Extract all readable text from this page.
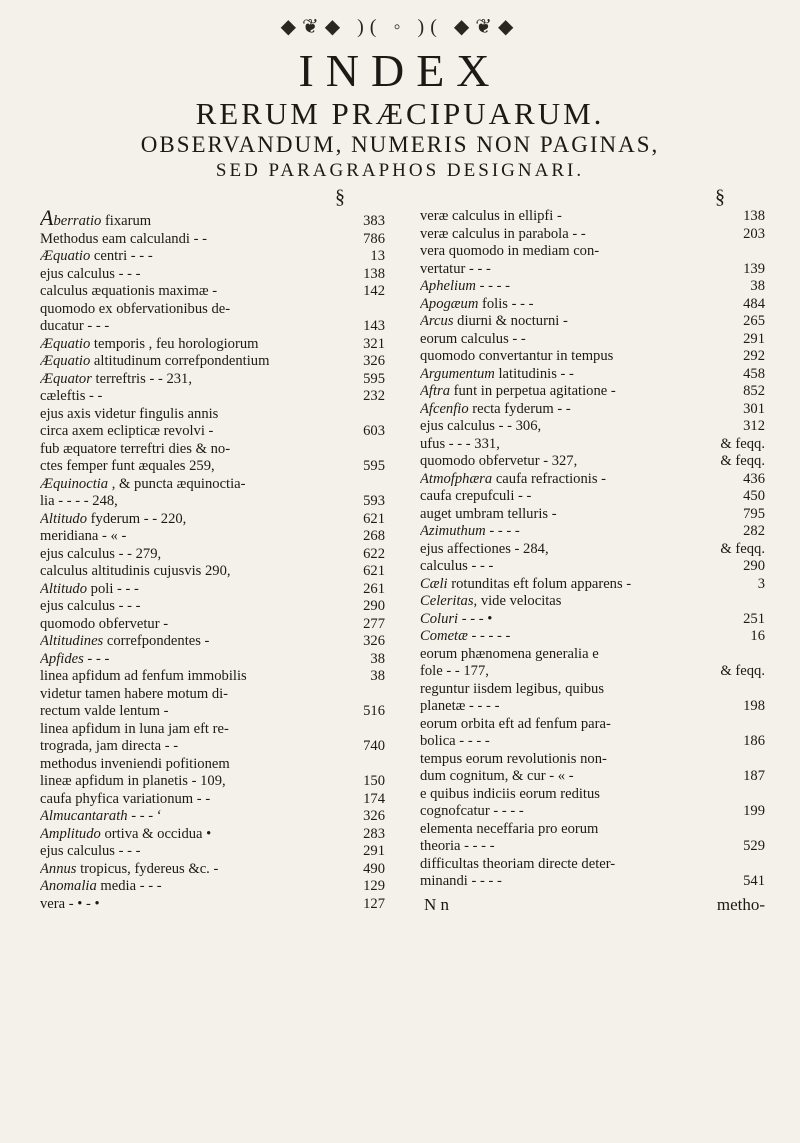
◆❦◆ )( ◦ )( ◆❦◆
INDEX
RERUM PRÆCIPUARUM.
OBSERVANDUM, NUMERIS NON PAGINAS,
SED PARAGRAPHOS DESIGNARI.
§
Aberratio fixarum	383
Methodus eam calculandi - -	786
Æquatio centri - - -	13
ejus calculus - - -	138
calculus æquationis maximæ -	142
quomodo ex obfervationibus de-
ducatur - - -	143
Æquatio temporis , feu horologiorum	321
Æquatio altitudinum correfpondentium	326
Æquator terreftris - - 231,	595
cæleftis - -	232
ejus axis videtur fingulis annis
circa axem eclipticæ revolvi -	603
fub æquatore terreftri dies & no-
ctes femper funt æquales 259,	595
Æquinoctia , & puncta æquinoctia-
lia - - - - 248,	593
Altitudo fyderum - - 220,	621
meridiana - « -	268
ejus calculus - - 279,	622
calculus altitudinis cujusvis 290,	621
Altitudo poli - - -	261
ejus calculus - - -	290
quomodo obfervetur -	277
Altitudines correfpondentes -	326
Apfides - - -	38
linea apfidum ad fenfum immobilis	38
videtur tamen habere motum di-
rectum valde lentum -	516
linea apfidum in luna jam eft re-
trograda, jam directa - -	740
methodus inveniendi pofitionem
lineæ apfidum in planetis - 109,	150
caufa phyfica variationum - -	174
Almucantarath - - - ‘	326
Amplitudo ortiva & occidua •	283
ejus calculus - - -	291
Annus tropicus, fydereus &c. -	490
Anomalia media - - -	129
vera - • - •	127
§
veræ calculus in ellipfi -	138
veræ calculus in parabola - -	203
vera quomodo in mediam con-
vertatur - - -	139
Aphelium - - - -	38
Apogæum folis - - -	484
Arcus diurni & nocturni -	265
eorum calculus - -	291
quomodo convertantur in tempus	292
Argumentum latitudinis - -	458
Aftra funt in perpetua agitatione -	852
Afcenfio recta fyderum - -	301
ejus calculus - - 306,	312
ufus - - - 331,	& feqq.
quomodo obfervetur - 327,	& feqq.
Atmofphæra caufa refractionis -	436
caufa crepufculi - -	450
auget umbram telluris -	795
Azimuthum - - - -	282
ejus affectiones - 284,	& feqq.
calculus - - -	290
Cæli rotunditas eft folum apparens -	3
Celeritas, vide velocitas
Coluri - - - •	251
Cometæ - - - - -	16
eorum phænomena generalia e
fole - - 177,	& feqq.
reguntur iisdem legibus, quibus
planetæ - - - -	198
eorum orbita eft ad fenfum para-
bolica - - - -	186
tempus eorum revolutionis non-
dum cognitum, & cur - « -	187
e quibus indiciis eorum reditus
cognofcatur - - - -	199
elementa neceffaria pro eorum
theoria - - - -	529
difficultas theoriam directe deter-
minandi - - - -	541
N n	metho-
